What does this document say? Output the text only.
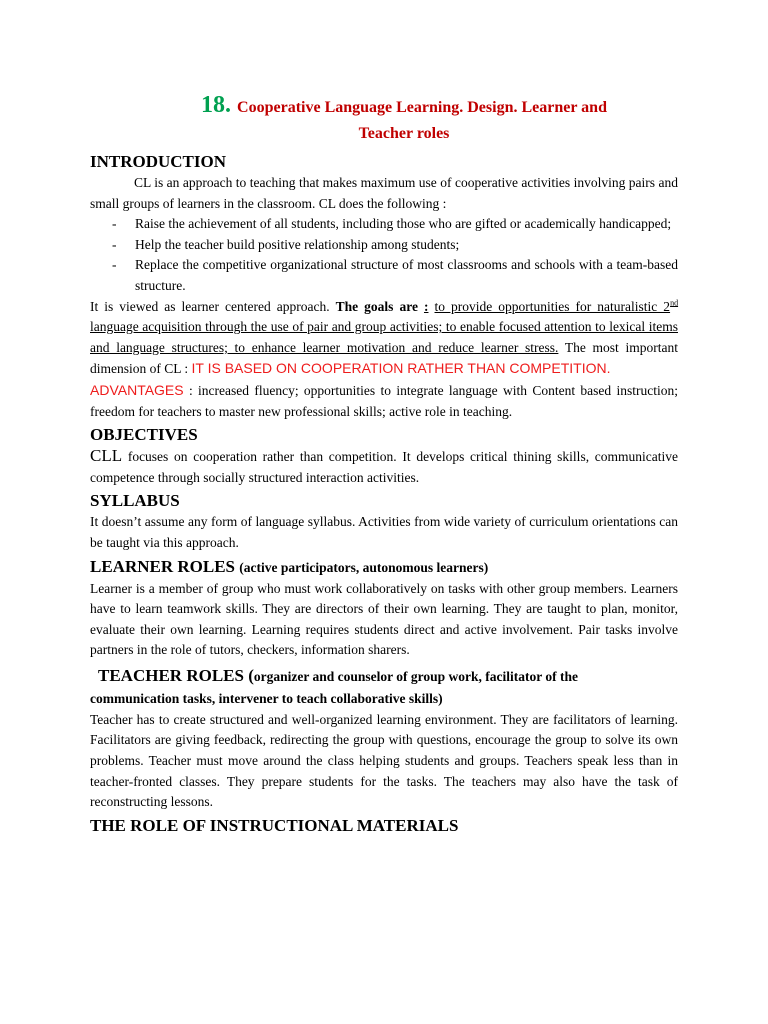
18. Cooperative Language Learning. Design. Learner and
Teacher roles
INTRODUCTION

CL is an approach to teaching that makes maximum use of cooperative activities involving pairs and small groups of learners in the classroom. CL does the following :

- Raise the achievement of all students, including those who are gifted or academically handicapped;
- Help the teacher build positive relationship among students;
- Replace the competitive organizational structure of most classrooms and schools with a team-based structure.

It is viewed as learner centered approach. The goals are : to provide opportunities for naturalistic 2nd language acquisition through the use of pair and group activities; to enable focused attention to lexical items and language structures; to enhance learner motivation and reduce learner stress. The most important dimension of CL : IT IS BASED ON COOPERATION RATHER THAN COMPETITION.

ADVANTAGES : increased fluency; opportunities to integrate language with Content based instruction; freedom for teachers to master new professional skills; active role in teaching.

OBJECTIVES

CLL focuses on cooperation rather than competition. It develops critical thining skills, communicative competence through socially structured interaction activities.

SYLLABUS

It doesn’t assume any form of language syllabus. Activities from wide variety of curriculum orientations can be taught via this approach.

LEARNER ROLES (active participators, autonomous learners)

Learner is a member of group who must work collaboratively on tasks with other group members. Learners have to learn teamwork skills. They are directors of their own learning. They are taught to plan, monitor, evaluate their own learning. Learning requires students direct and active involvement. Pair tasks involve partners in the role of tutors, checkers, information sharers.

TEACHER ROLES (organizer and counselor of group work, facilitator of the
communication tasks, intervener to teach collaborative skills)

Teacher has to create structured and well-organized learning environment. They are facilitators of learning. Facilitators are giving feedback, redirecting the group with questions, encourage the group to solve its own problems. Teacher must move around the class helping students and groups. Teachers speak less than in teacher-fronted classes. They prepare students for the tasks. The teachers may also have the task of reconstructing lessons.

THE ROLE OF INSTRUCTIONAL MATERIALS
